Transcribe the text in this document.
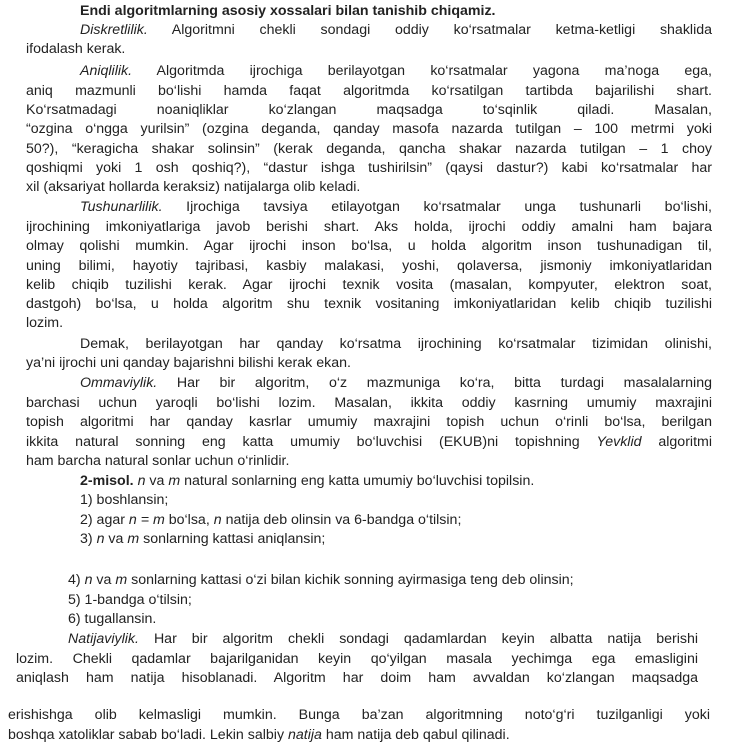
Endi algoritmlarning asosiy xossalari bilan tanishib chiqamiz.
Diskretlilik. Algoritmni chekli sondagi oddiy ko‘rsatmalar ketma-ketligi shaklida
ifodalash kerak.
Aniqlilik. Algoritmda ijrochiga berilayotgan ko‘rsatmalar yagona ma’noga ega,
aniq mazmunli bo‘lishi hamda faqat algoritmda ko‘rsatilgan tartibda bajarilishi shart.
Ko‘rsatmadagi noaniqliklar ko‘zlangan maqsadga to‘sqinlik qiladi. Masalan,
“ozgina o‘ngga yurilsin” (ozgina deganda, qanday masofa nazarda tutilgan – 100 metrmi yoki
50?), “keragicha shakar solinsin” (kerak deganda, qancha shakar nazarda tutilgan – 1 choy
qoshiqmi yoki 1 osh qoshiq?), “dastur ishga tushirilsin” (qaysi dastur?) kabi ko‘rsatmalar har
xil (aksariyat hollarda keraksiz) natijalarga olib keladi.
Tushunarlilik. Ijrochiga tavsiya etilayotgan ko‘rsatmalar unga tushunarli bo‘lishi,
ijrochining imkoniyatlariga javob berishi shart. Aks holda, ijrochi oddiy amalni ham bajara
olmay qolishi mumkin. Agar ijrochi inson bo‘lsa, u holda algoritm inson tushunadigan til,
uning bilimi, hayotiy tajribasi, kasbiy malakasi, yoshi, qolaversa, jismoniy imkoniyatlaridan
kelib chiqib tuzilishi kerak. Agar ijrochi texnik vosita (masalan, kompyuter, elektron soat,
dastgoh) bo‘lsa, u holda algoritm shu texnik vositaning imkoniyatlaridan kelib chiqib tuzilishi
lozim.
Demak, berilayotgan har qanday ko‘rsatma ijrochining ko‘rsatmalar tizimidan olinishi,
ya’ni ijrochi uni qanday bajarishni bilishi kerak ekan.
Ommaviylik. Har bir algoritm, o‘z mazmuniga ko‘ra, bitta turdagi masalalarning
barchasi uchun yaroqli bo‘lishi lozim. Masalan, ikkita oddiy kasrning umumiy maxrajini
topish algoritmi har qanday kasrlar umumiy maxrajini topish uchun o‘rinli bo‘lsa, berilgan
ikkita natural sonning eng katta umumiy bo‘luvchisi (EKUB)ni topishning Yevklid algoritmi
ham barcha natural sonlar uchun o‘rinlidir.
2-misol. n va m natural sonlarning eng katta umumiy bo‘luvchisi topilsin.
1) boshlansin;
2) agar n = m bo‘lsa, n natija deb olinsin va 6-bandga o‘tilsin;
3) n va m sonlarning kattasi aniqlansin;
4) n va m sonlarning kattasi o‘zi bilan kichik sonning ayirmasiga teng deb olinsin;
5) 1-bandga o‘tilsin;
6) tugallansin.
Natijaviylik. Har bir algoritm chekli sondagi qadamlardan keyin albatta natija berishi
lozim. Chekli qadamlar bajarilganidan keyin qo‘yilgan masala yechimga ega emasligini
aniqlash ham natija hisoblanadi. Algoritm har doim ham avvaldan ko‘zlangan maqsadga
erishishga olib kelmasligi mumkin. Bunga ba’zan algoritmning noto‘g‘ri tuzilganligi yoki
boshqa xatoliklar sabab bo‘ladi. Lekin salbiy natija ham natija deb qabul qilinadi.
